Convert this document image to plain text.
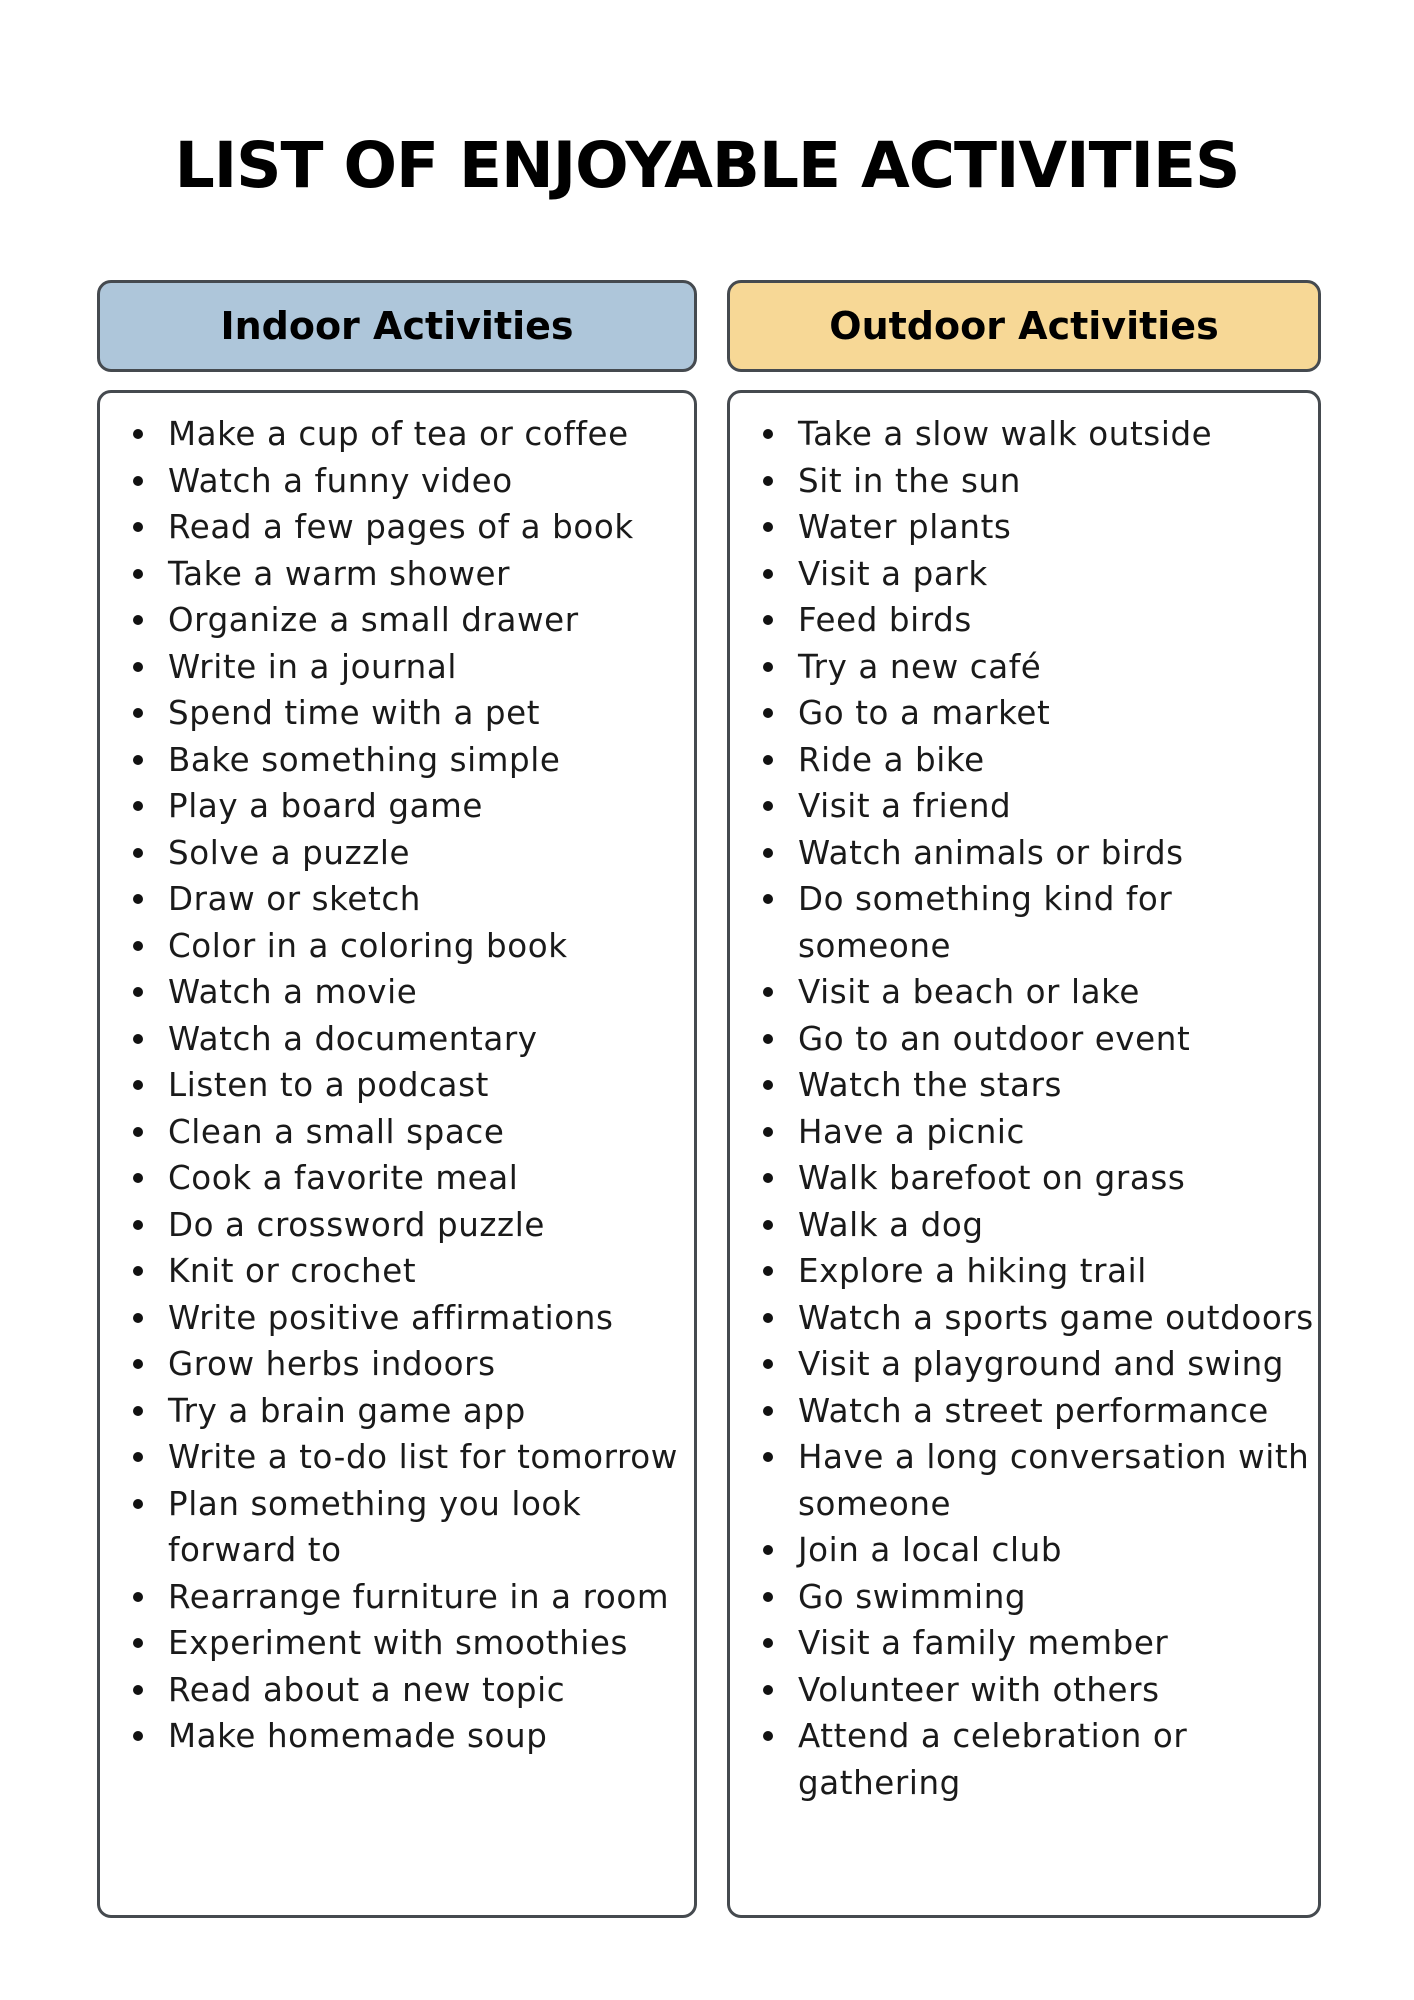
LIST OF ENJOYABLE ACTIVITIES
Indoor Activities	Outdoor Activities
Make a cup of tea or coffee
Watch a funny video
Read a few pages of a book
Take a warm shower
Organize a small drawer
Write in a journal
Spend time with a pet
Bake something simple
Play a board game
Solve a puzzle
Draw or sketch
Color in a coloring book
Watch a movie
Watch a documentary
Listen to a podcast
Clean a small space
Cook a favorite meal
Do a crossword puzzle
Knit or crochet
Write positive affirmations
Grow herbs indoors
Try a brain game app
Write a to-do list for tomorrow
Plan something you look forward to
Rearrange furniture in a room
Experiment with smoothies
Read about a new topic
Make homemade soup
Take a slow walk outside
Sit in the sun
Water plants
Visit a park
Feed birds
Try a new café
Go to a market
Ride a bike
Visit a friend
Watch animals or birds
Do something kind for someone
Visit a beach or lake
Go to an outdoor event
Watch the stars
Have a picnic
Walk barefoot on grass
Walk a dog
Explore a hiking trail
Watch a sports game outdoors
Visit a playground and swing
Watch a street performance
Have a long conversation with someone
Join a local club
Go swimming
Visit a family member
Volunteer with others
Attend a celebration or gathering
